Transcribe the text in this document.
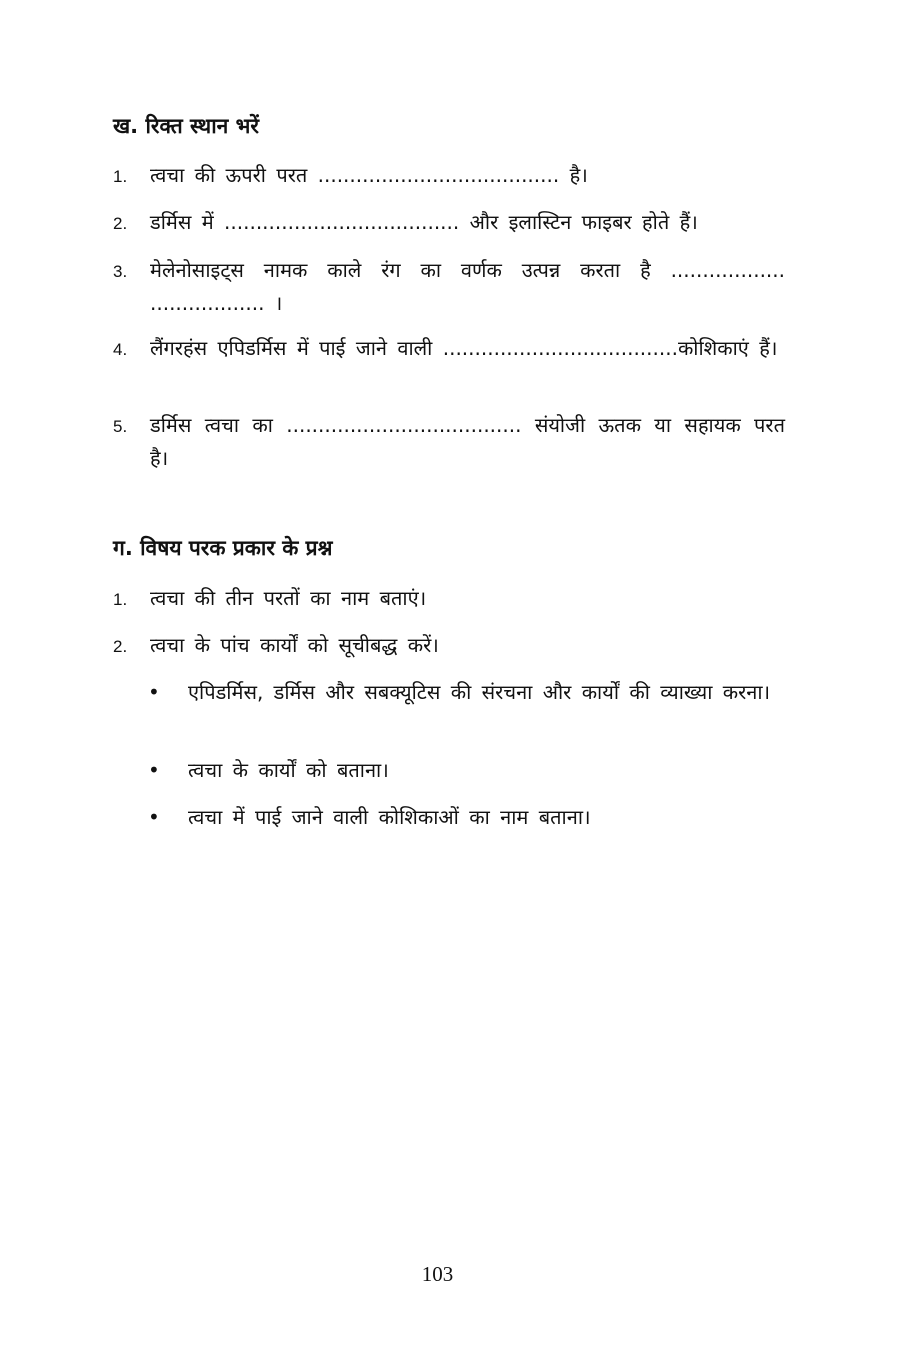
ख. रिक्त स्थान भरें
1. त्वचा की ऊपरी परत ...................................... है।
2. डर्मिस में ..................................... और इलास्टिन फाइबर होते हैं।
3. मेलेनोसाइट्स नामक काले रंग का वर्णक उत्पन्न करता है .................. .................. ।
4. लैंगरहंस एपिडर्मिस में पाई जाने वाली .....................................कोशिकाएं हैं।
5. डर्मिस त्वचा का ..................................... संयोजी ऊतक या सहायक परत है।
ग. विषय परक प्रकार के प्रश्न
1. त्वचा की तीन परतों का नाम बताएं।
2. त्वचा के पांच कार्यों को सूचीबद्ध करें।
• एपिडर्मिस, डर्मिस और सबक्यूटिस की संरचना और कार्यों की व्याख्या करना।
• त्वचा के कार्यों को बताना।
• त्वचा में पाई जाने वाली कोशिकाओं का नाम बताना।
103
